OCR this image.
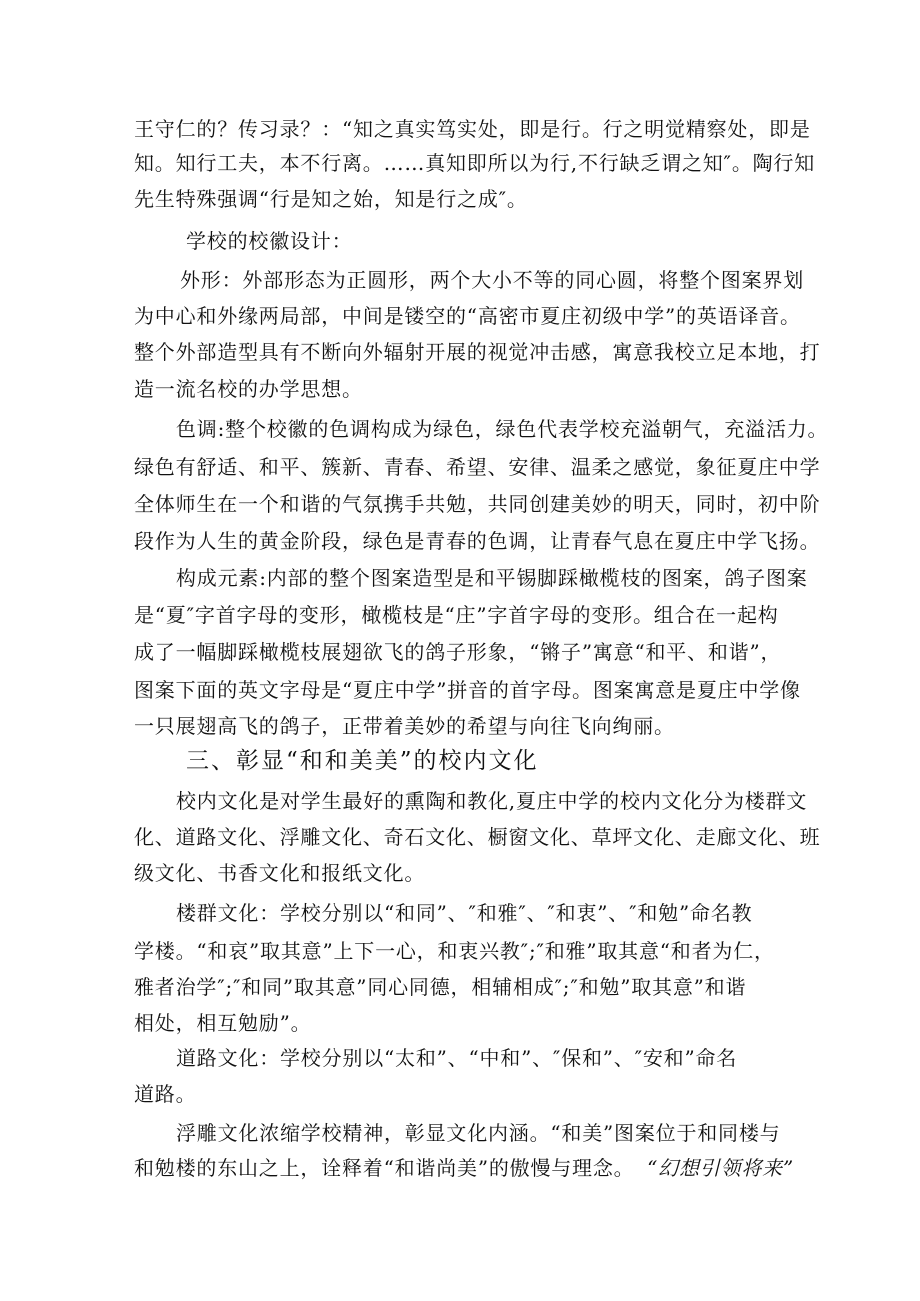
王守仁的？传习录？：“知之真实笃实处，即是行。行之明觉精察处，即是
知。知行工夫，本不行离。……真知即所以为行,不行缺乏谓之知″。陶行知
先生特殊强调“行是知之始，知是行之成″。
学校的校徽设计：
外形：外部形态为正圆形，两个大小不等的同心圆，将整个图案界划
为中心和外缘两局部，中间是镂空的“高密市夏庄初级中学”的英语译音。
整个外部造型具有不断向外辐射开展的视觉冲击感，寓意我校立足本地，打
造一流名校的办学思想。
色调:整个校徽的色调构成为绿色，绿色代表学校充溢朝气，充溢活力。
绿色有舒适、和平、簇新、青春、希望、安律、温柔之感觉，象征夏庄中学
全体师生在一个和谐的气氛携手共勉，共同创建美妙的明天，同时，初中阶
段作为人生的黄金阶段，绿色是青春的色调，让青春气息在夏庄中学飞扬。
构成元素:内部的整个图案造型是和平锡脚踩橄榄枝的图案，鸽子图案
是“夏″字首字母的变形，橄榄枝是“庄”字首字母的变形。组合在一起构
成了一幅脚踩橄榄枝展翅欲飞的鸽子形象，“锵子”寓意“和平、和谐”，
图案下面的英文字母是“夏庄中学”拼音的首字母。图案寓意是夏庄中学像
一只展翅高飞的鸽子，正带着美妙的希望与向往飞向绚丽。
三、彰显“和和美美”的校内文化
校内文化是对学生最好的熏陶和教化,夏庄中学的校内文化分为楼群文
化、道路文化、浮雕文化、奇石文化、橱窗文化、草坪文化、走廊文化、班
级文化、书香文化和报纸文化。
楼群文化：学校分别以“和同”、″和雅″、″和衷”、″和勉”命名教
学楼。“和哀”取其意”上下一心，和衷兴教″;″和雅”取其意“和者为仁，
雅者治学″;″和同”取其意”同心同德，相辅相成″;″和勉”取其意”和谐
相处，相互勉励”。
道路文化：学校分别以“太和”、“中和”、″保和”、″安和”命名
道路。
浮雕文化浓缩学校精神，彰显文化内涵。“和美”图案位于和同楼与
和勉楼的东山之上，诠释着“和谐尚美”的傲慢与理念。 “幻想引领将来”
